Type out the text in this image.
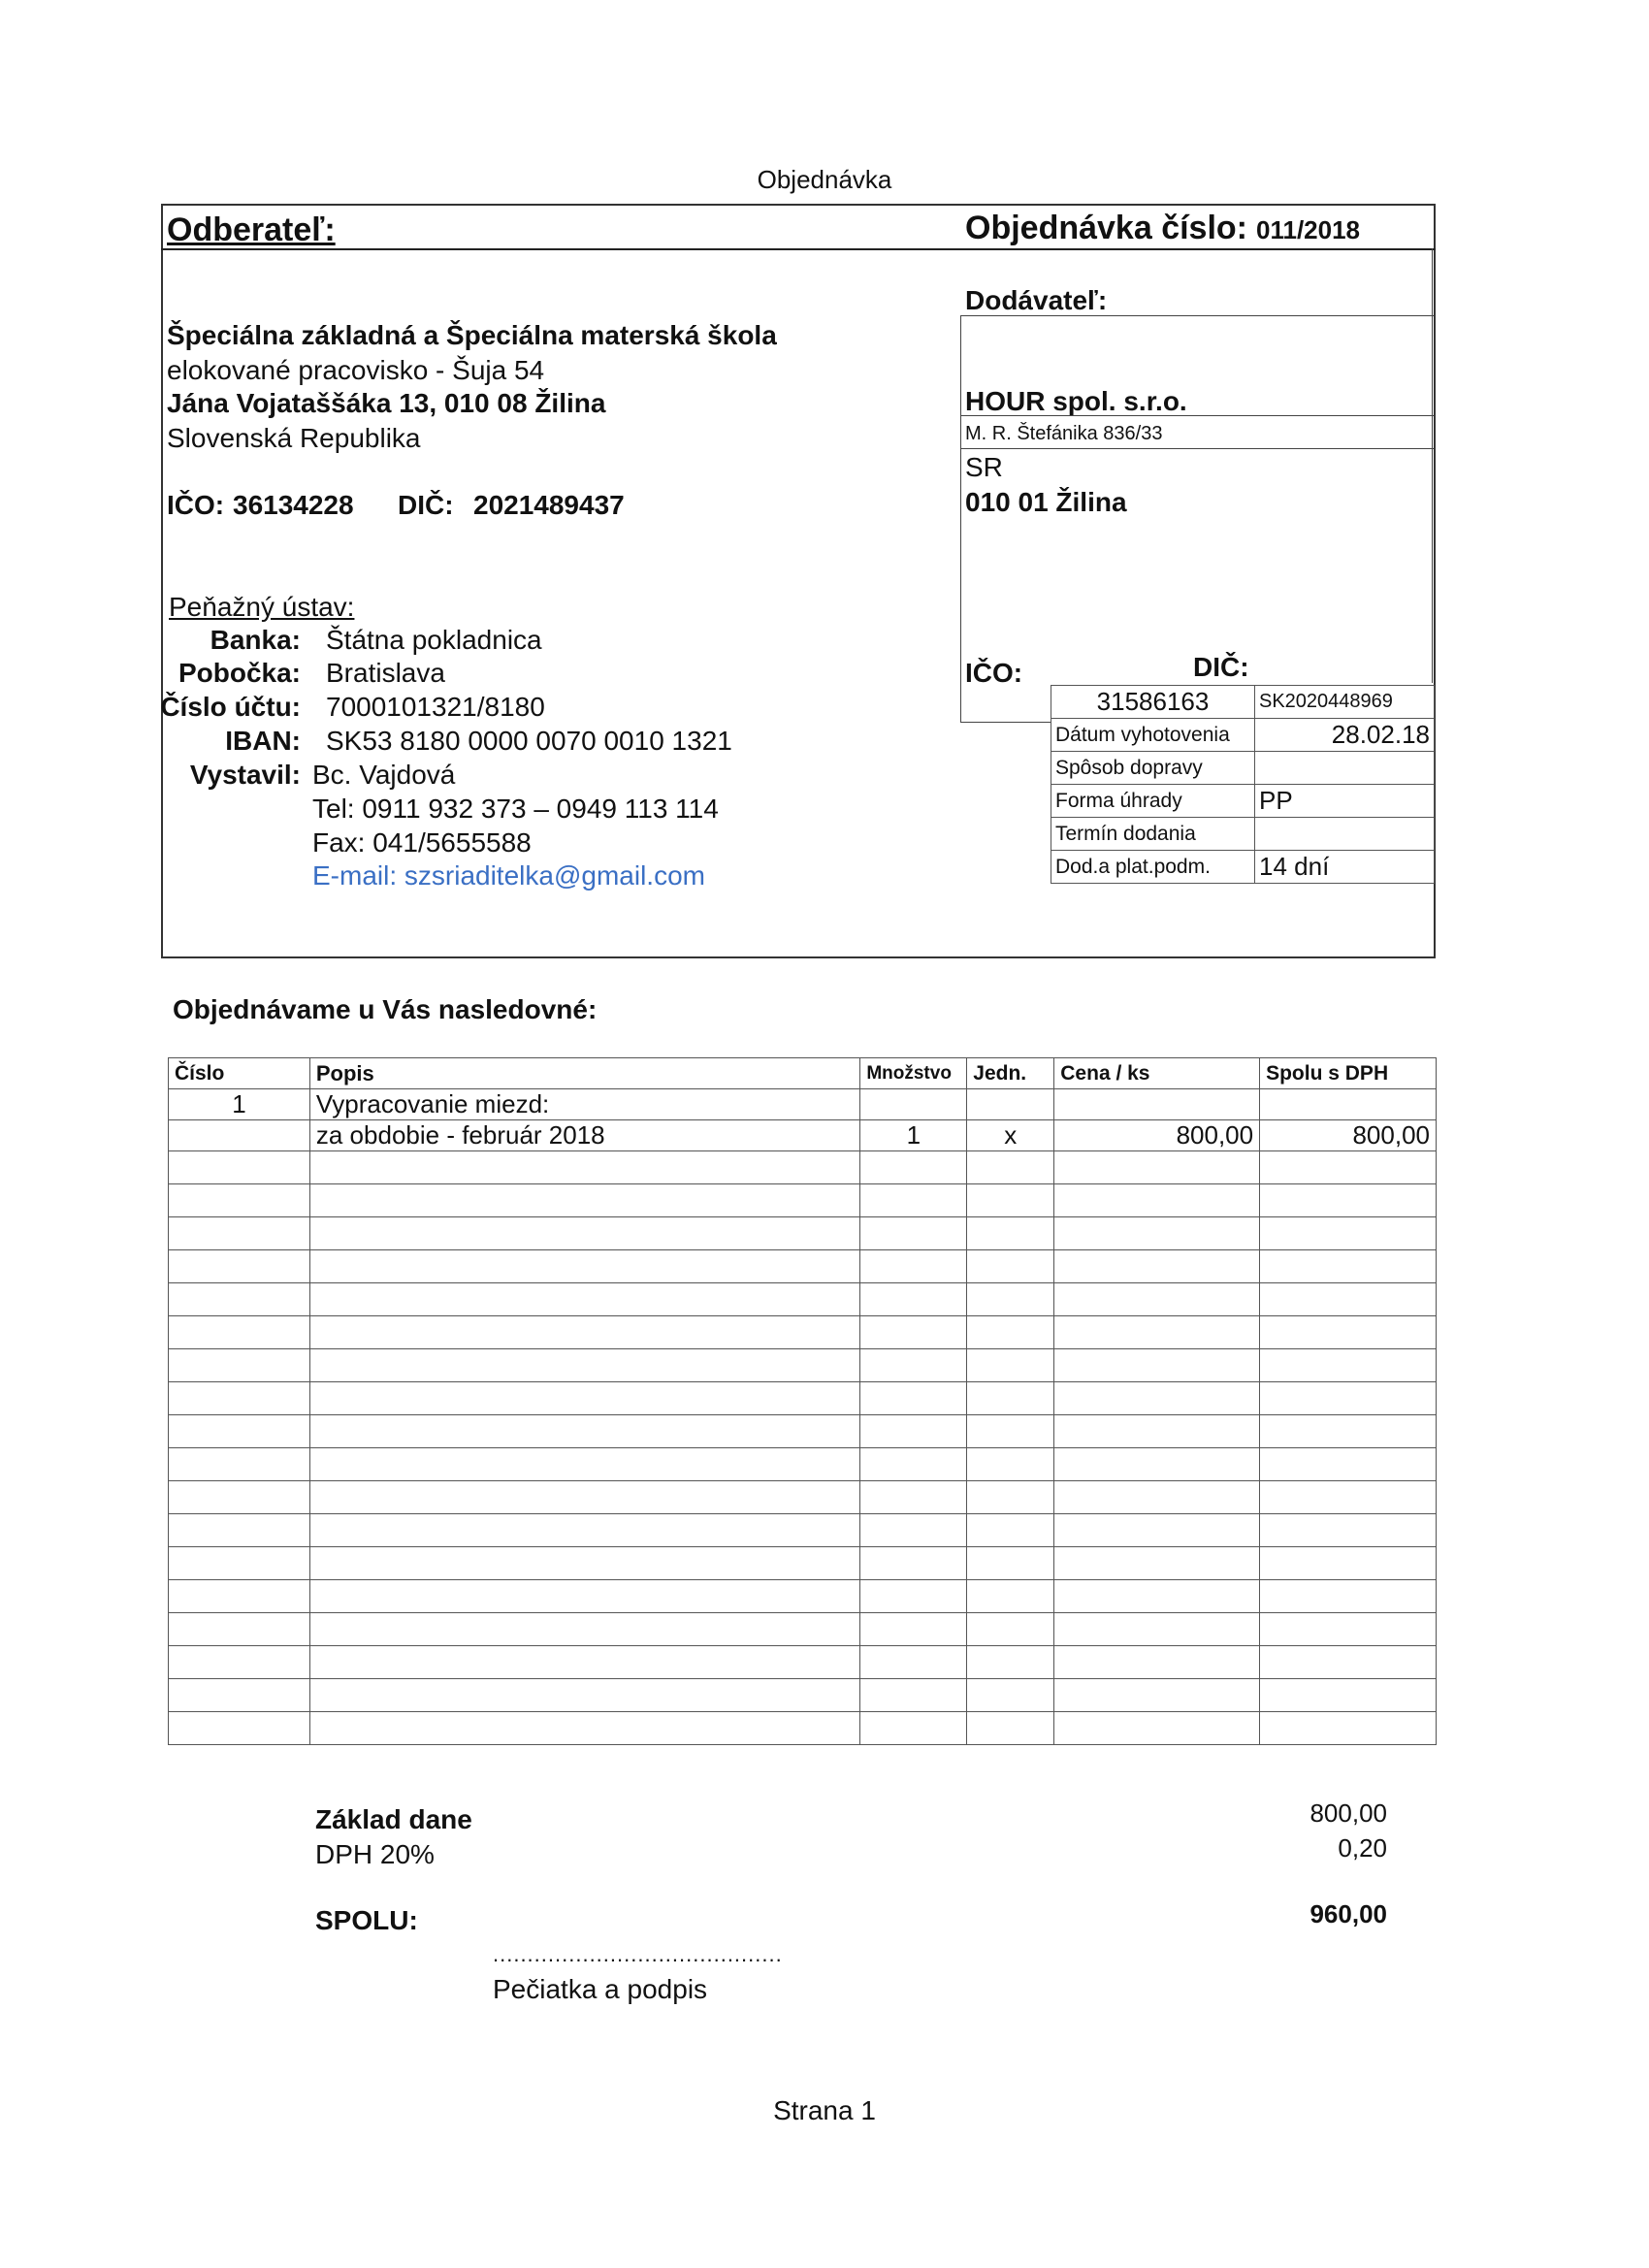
Objednávka
Odberateľ:	Objednávka číslo: 011/2018
Špeciálna základná a Špeciálna materská škola
elokované pracovisko - Šuja 54
Jána Vojataššáka 13, 010 08 Žilina
Slovenská Republika
IČO: 36134228 DIČ: 2021489437
Peňažný ústav:
Banka: Štátna pokladnica
Pobočka: Bratislava
Číslo účtu: 7000101321/8180
IBAN: SK53 8180 0000 0070 0010 1321
Vystavil: Bc. Vajdová
Tel: 0911 932 373 – 0949 113 114
Fax: 041/5655588
E-mail: szsriaditelka@gmail.com
Dodávateľ:
HOUR spol. s.r.o.
M. R. Štefánika 836/33
SR
010 01 Žilina
IČO:	DIČ:
31586163	SK2020448969
Dátum vyhotovenia	28.02.18
Spôsob dopravy	
Forma úhrady	PP
Termín dodania	
Dod.a plat.podm.	14 dní
Objednávame u Vás nasledovné:
Číslo	Popis	Množstvo	Jedn.	Cena / ks	Spolu s DPH
1	Vypracovanie miezd:				
	za obdobie - február 2018	1	x	800,00	800,00

Základ dane	800,00
DPH 20%	0,20
SPOLU:	960,00
..........................................
Pečiatka a podpis
Strana 1
